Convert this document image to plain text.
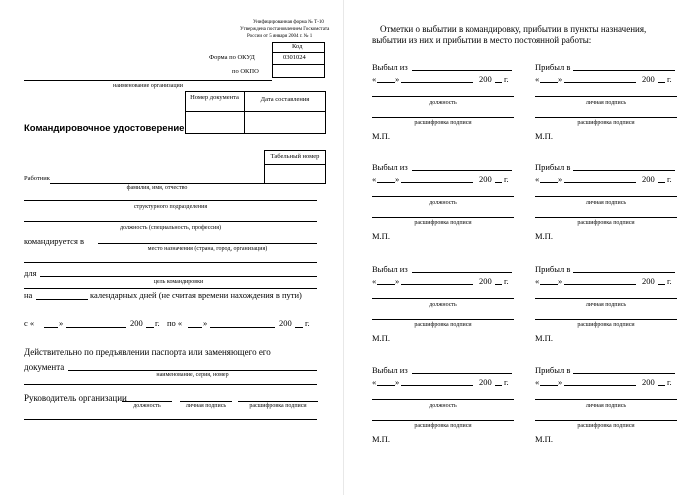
Унифицированная форма № Т-10
Утверждена постановлением Госкомстата
России от 5 января 2004 г. № 1
Код
0301024
Форма по ОКУД
по ОКПО
наименование организации
Номер документа	Дата составления
Командировочное удостоверение
Табельный номер
Работник
фамилия, имя, отчество
структурного подразделения
должность (специальность, профессия)
командируется в
место назначения (страна, город, организация)
для
цель командировки
на	календарных дней (не считая времени нахождения в пути)
с «	»	200 г. по « »	200 г.
Действительно по предъявлении паспорта или заменяющего его
документа
наименование, серия, номер
Руководитель организации
должность	личная подпись	расшифровка подписи
Отметки о выбытии в командировку, прибытии в пункты назначения,
выбытии из них и прибытии в место постоянной работы:
Выбыл из
« »	200 г.
должность
расшифровка подписи
М.П.
Прибыл в
« »	200 г.
личная подпись
расшифровка подписи
М.П.
Выбыл из
« »	200 г.
должность
расшифровка подписи
М.П.
Прибыл в
« »	200 г.
личная подпись
расшифровка подписи
М.П.
Выбыл из
« »	200 г.
должность
расшифровка подписи
М.П.
Прибыл в
« »	200 г.
личная подпись
расшифровка подписи
М.П.
Выбыл из
« »	200 г.
должность
расшифровка подписи
М.П.
Прибыл в
« »	200 г.
личная подпись
расшифровка подписи
М.П.
